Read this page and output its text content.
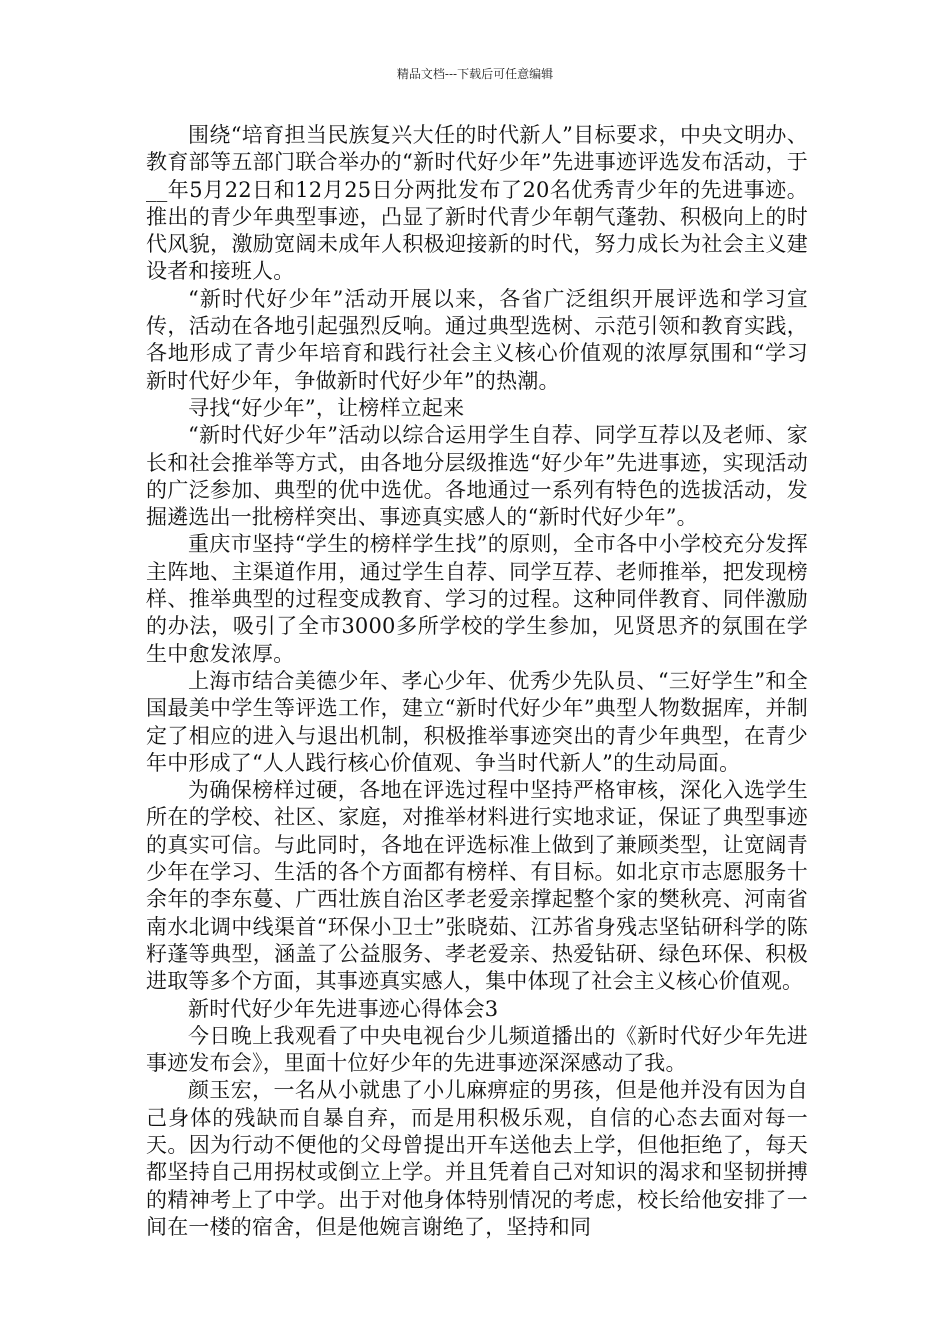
精品文档---下载后可任意编辑

围绕“培育担当民族复兴大任的时代新人”目标要求，中央文明办、教育部等五部门联合举办的“新时代好少年”先进事迹评选发布活动，于__年5月22日和12月25日分两批发布了20名优秀青少年的先进事迹。推出的青少年典型事迹，凸显了新时代青少年朝气蓬勃、积极向上的时代风貌，激励宽阔未成年人积极迎接新的时代，努力成长为社会主义建设者和接班人。

“新时代好少年”活动开展以来，各省广泛组织开展评选和学习宣传，活动在各地引起强烈反响。通过典型选树、示范引领和教育实践，各地形成了青少年培育和践行社会主义核心价值观的浓厚氛围和“学习新时代好少年，争做新时代好少年”的热潮。

寻找“好少年”，让榜样立起来

“新时代好少年”活动以综合运用学生自荐、同学互荐以及老师、家长和社会推举等方式，由各地分层级推选“好少年”先进事迹，实现活动的广泛参加、典型的优中选优。各地通过一系列有特色的选拔活动，发掘遴选出一批榜样突出、事迹真实感人的“新时代好少年”。

重庆市坚持“学生的榜样学生找”的原则，全市各中小学校充分发挥主阵地、主渠道作用，通过学生自荐、同学互荐、老师推举，把发现榜样、推举典型的过程变成教育、学习的过程。这种同伴教育、同伴激励的办法，吸引了全市3000多所学校的学生参加，见贤思齐的氛围在学生中愈发浓厚。

上海市结合美德少年、孝心少年、优秀少先队员、“三好学生”和全国最美中学生等评选工作，建立“新时代好少年”典型人物数据库，并制定了相应的进入与退出机制，积极推举事迹突出的青少年典型，在青少年中形成了“人人践行核心价值观、争当时代新人”的生动局面。

为确保榜样过硬，各地在评选过程中坚持严格审核，深化入选学生所在的学校、社区、家庭，对推举材料进行实地求证，保证了典型事迹的真实可信。与此同时，各地在评选标准上做到了兼顾类型，让宽阔青少年在学习、生活的各个方面都有榜样、有目标。如北京市志愿服务十余年的李东蔓、广西壮族自治区孝老爱亲撑起整个家的樊秋亮、河南省南水北调中线渠首“环保小卫士”张晓茹、江苏省身残志坚钻研科学的陈籽蓬等典型，涵盖了公益服务、孝老爱亲、热爱钻研、绿色环保、积极进取等多个方面，其事迹真实感人，集中体现了社会主义核心价值观。

新时代好少年先进事迹心得体会3

今日晚上我观看了中央电视台少儿频道播出的《新时代好少年先进事迹发布会》，里面十位好少年的先进事迹深深感动了我。

颜玉宏，一名从小就患了小儿麻痹症的男孩，但是他并没有因为自己身体的残缺而自暴自弃，而是用积极乐观，自信的心态去面对每一天。因为行动不便他的父母曾提出开车送他去上学，但他拒绝了，每天都坚持自己用拐杖或倒立上学。并且凭着自己对知识的渴求和坚韧拼搏的精神考上了中学。出于对他身体特别情况的考虑，校长给他安排了一间在一楼的宿舍，但是他婉言谢绝了，坚持和同
